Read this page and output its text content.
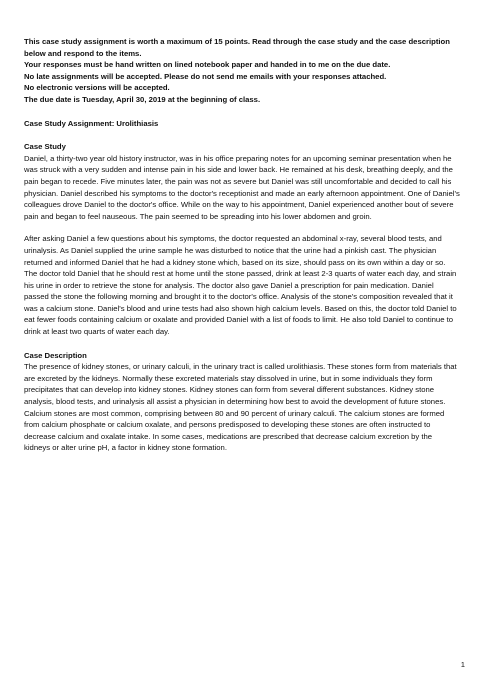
This case study assignment is worth a maximum of 15 points. Read through the case study and the case description below and respond to the items.

Your responses must be hand written on lined notebook paper and handed in to me on the due date.

No late assignments will be accepted. Please do not send me emails with your responses attached.

No electronic versions will be accepted.

The due date is Tuesday, April 30, 2019 at the beginning of class.

Case Study Assignment: Urolithiasis
Case Study

Daniel, a thirty-two year old history instructor, was in his office preparing notes for an upcoming seminar presentation when he was struck with a very sudden and intense pain in his side and lower back. He remained at his desk, breathing deeply, and the pain began to recede. Five minutes later, the pain was not as severe but Daniel was still uncomfortable and decided to call his physician. Daniel described his symptoms to the doctor's receptionist and made an early afternoon appointment. One of Daniel's colleagues drove Daniel to the doctor's office. While on the way to his appointment, Daniel experienced another bout of severe pain and began to feel nauseous. The pain seemed to be spreading into his lower abdomen and groin.

After asking Daniel a few questions about his symptoms, the doctor requested an abdominal x-ray, several blood tests, and urinalysis. As Daniel supplied the urine sample he was disturbed to notice that the urine had a pinkish cast. The physician returned and informed Daniel that he had a kidney stone which, based on its size, should pass on its own within a day or so. The doctor told Daniel that he should rest at home until the stone passed, drink at least 2-3 quarts of water each day, and strain his urine in order to retrieve the stone for analysis. The doctor also gave Daniel a prescription for pain medication. Daniel passed the stone the following morning and brought it to the doctor's office. Analysis of the stone's composition revealed that it was a calcium stone. Daniel's blood and urine tests had also shown high calcium levels. Based on this, the doctor told Daniel to eat fewer foods containing calcium or oxalate and provided Daniel with a list of foods to limit. He also told Daniel to continue to drink at least two quarts of water each day.

Case Description

The presence of kidney stones, or urinary calculi, in the urinary tract is called urolithiasis. These stones form from materials that are excreted by the kidneys. Normally these excreted materials stay dissolved in urine, but in some individuals they form precipitates that can develop into kidney stones. Kidney stones can form from several different substances. Kidney stone analysis, blood tests, and urinalysis all assist a physician in determining how best to avoid the development of future stones. Calcium stones are most common, comprising between 80 and 90 percent of urinary calculi. The calcium stones are formed from calcium phosphate or calcium oxalate, and persons predisposed to developing these stones are often instructed to decrease calcium and oxalate intake. In some cases, medications are prescribed that decrease calcium excretion by the kidneys or alter urine pH, a factor in kidney stone formation.

1
